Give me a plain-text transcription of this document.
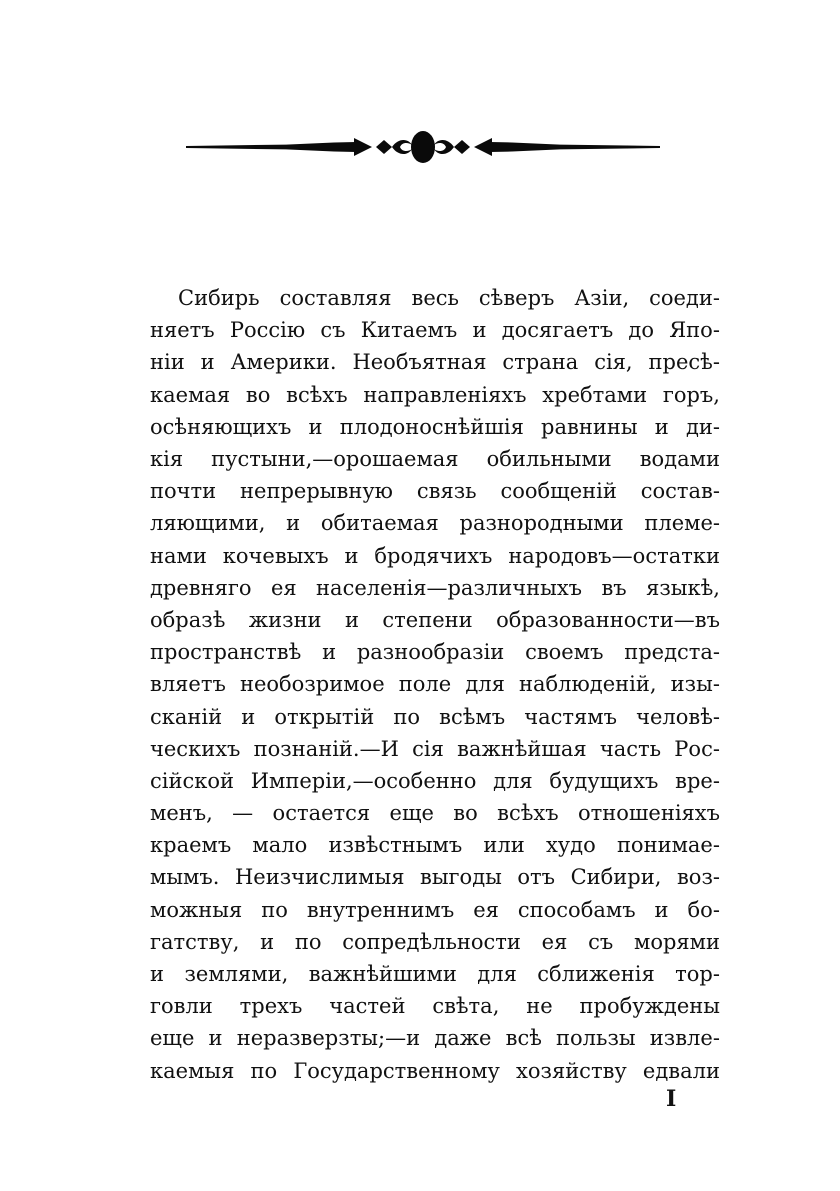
Сибирь составляя весь сѣверъ Азіи, соеди-
няетъ Россію съ Китаемъ и досягаетъ до Япо-
ніи и Америки. Необъятная страна сія, пресѣ-
каемая во всѣхъ направленіяхъ хребтами горъ,
осѣняющихъ и плодоноснѣйшія равнины и ди-
кія пустыни,—орошаемая обильными водами
почти непрерывную связь сообщеній состав-
ляющими, и обитаемая разнородными племе-
нами кочевыхъ и бродячихъ народовъ—остатки
древняго ея населенія—различныхъ въ языкѣ,
образѣ жизни и степени образованности—въ
пространствѣ и разнообразіи своемъ предста-
вляетъ необозримое поле для наблюденій, изы-
сканій и открытій по всѣмъ частямъ человѣ-
ческихъ познаній.—И сія важнѣйшая часть Рос-
сійской Имперіи,—особенно для будущихъ вре-
менъ, — остается еще во всѣхъ отношеніяхъ
краемъ мало извѣстнымъ или худо понимае-
мымъ. Неизчислимыя выгоды отъ Сибири, воз-
можныя по внутреннимъ ея способамъ и бо-
гатству, и по сопредѣльности ея съ морями
и землями, важнѣйшими для сближенія тор-
говли трехъ частей свѣта, не пробуждены
еще и неразверзты;—и даже всѣ пользы извле-
каемыя по Государственному хозяйству едвали
I
